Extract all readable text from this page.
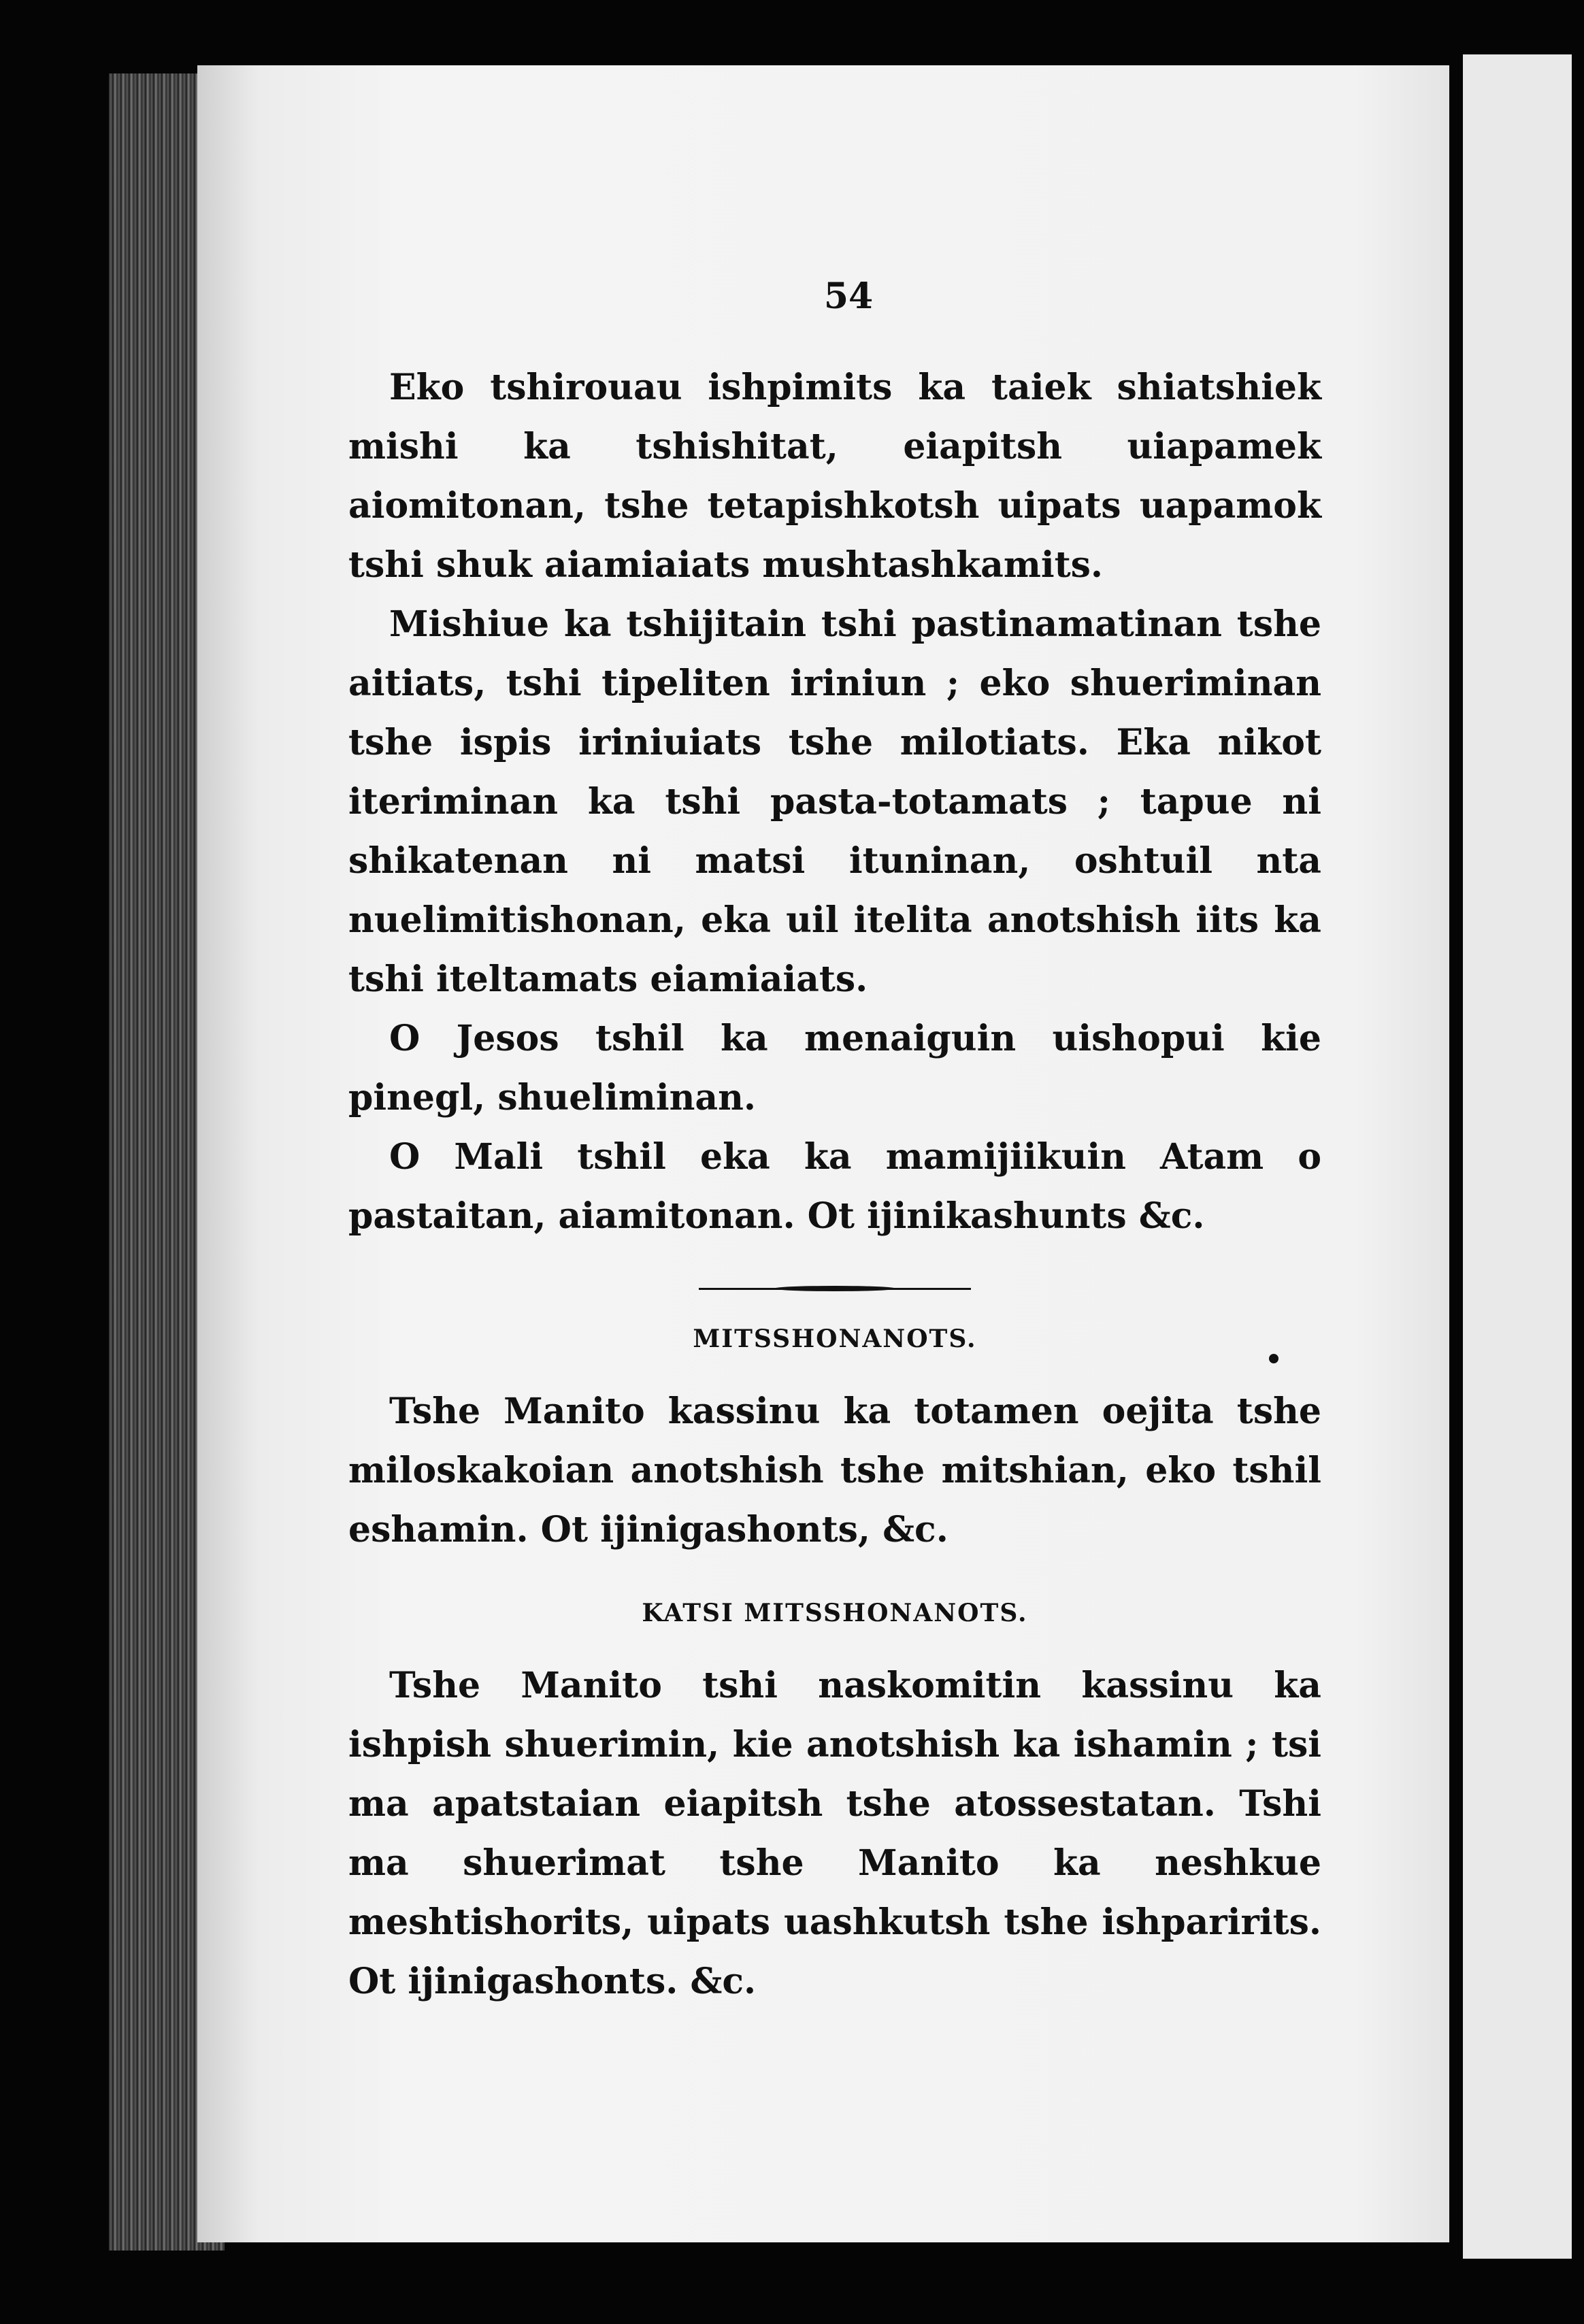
54

Eko tshirouau ishpimits ka taiek shiatshiek mishi ka tshishitat, eiapitsh uiapamek aiomitonan, tshe tetapishkotsh uipats uapamok tshi shuk aiamiaiats mushtashkamits.

Mishiue ka tshijitain tshi pastinamatinan tshe aitiats, tshi tipeliten iriniun ; eko shueriminan tshe ispis iriniuiats tshe milotiats. Eka nikot iteriminan ka tshi pasta-totamats ; tapue ni shikatenan ni matsi ituninan, oshtuil nta nuelimitishonan, eka uil itelita anotshish iits ka tshi iteltamats eiamiaiats.

O Jesos tshil ka menaiguin uishopui kie pinegl, shueliminan.

O Mali tshil eka ka mamijiikuin Atam o pastaitan, aiamitonan. Ot ijinikashunts &c.

MITSSHONANOTS.

Tshe Manito kassinu ka totamen oejita tshe miloskakoian anotshish tshe mitshian, eko tshil eshamin. Ot ijinigashonts, &c.

KATSI MITSSHONANOTS.

Tshe Manito tshi naskomitin kassinu ka ishpish shuerimin, kie anotshish ka ishamin ; tsi ma apatstaian eiapitsh tshe atossestatan. Tshi ma shuerimat tshe Manito ka neshkue meshtishorits, uipats uashkutsh tshe ishparirits. Ot ijinigashonts. &c.
